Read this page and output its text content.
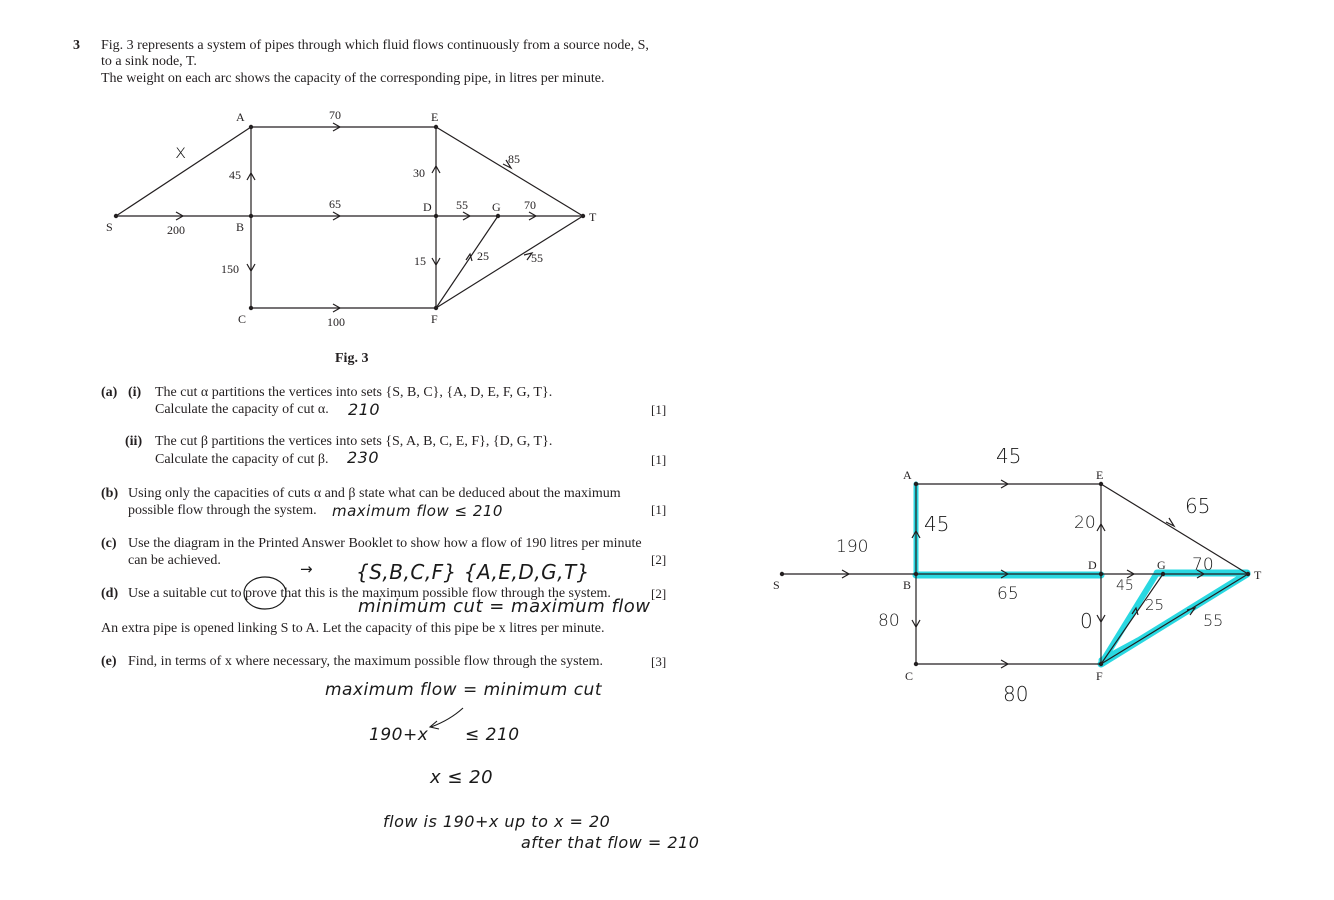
3 Fig. 3 represents a system of pipes through which fluid flows continuously from a source node, S,
to a sink node, T.
The weight on each arc shows the capacity of the corresponding pipe, in litres per minute.
S
A
B
C
D
E
F
G
T
x
200
45
70
65
30
85
55	70
150
100
15	25	55
Fig. 3
(a) (i) The cut α partitions the vertices into sets {S, B, C}, {A, D, E, F, G, T}.
Calculate the capacity of cut α. 210	[1]
(ii) The cut β partitions the vertices into sets {S, A, B, C, E, F}, {D, G, T}.
Calculate the capacity of cut β. 230	[1]
(b) Using only the capacities of cuts α and β state what can be deduced about the maximum
possible flow through the system. maximum flow ≤ 210	[1]
(c) Use the diagram in the Printed Answer Booklet to show how a flow of 190 litres per minute
can be achieved.	[2]
→ {S,B,C,F} {A,E,D,G,T}
(d) Use a suitable cut to prove that this is the maximum possible flow through the system.	[2]
minimum cut = maximum flow
An extra pipe is opened linking S to A. Let the capacity of this pipe be x litres per minute.
(e) Find, in terms of x where necessary, the maximum possible flow through the system.	[3]
maximum flow = minimum cut
190+x ≤ 210
x ≤ 20
flow is 190+x up to x = 20
after that flow = 210
S
A
B
C
D
E
F
G
T
190
45
45
65
20
65	45
70
80
80
0
25
55
